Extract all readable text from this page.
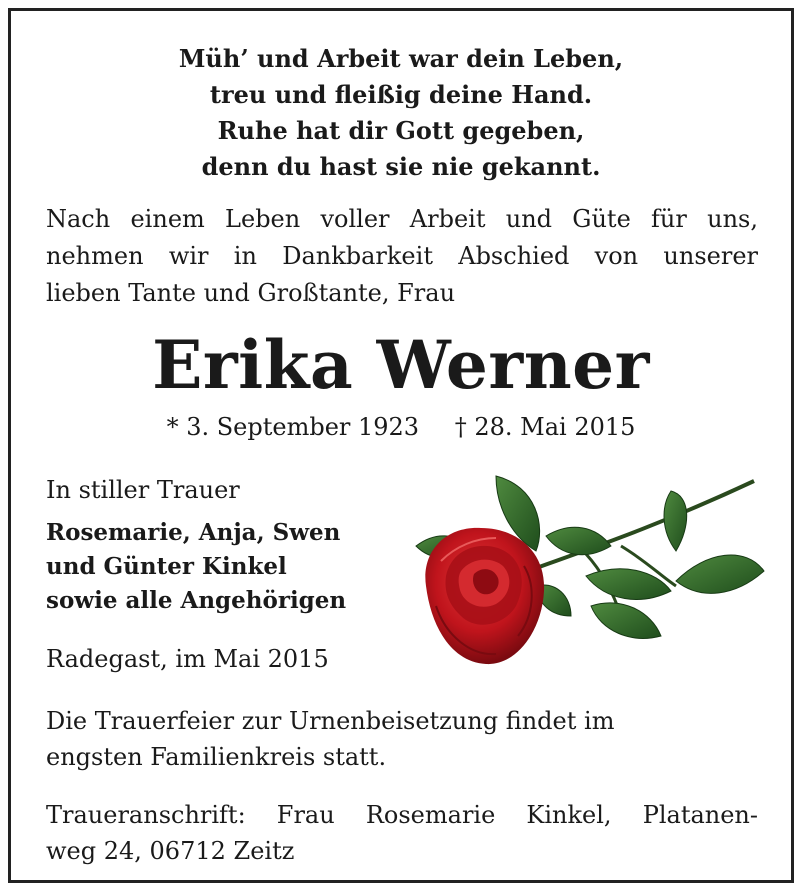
Müh’ und Arbeit war dein Leben,
treu und fleißig deine Hand.
Ruhe hat dir Gott gegeben,
denn du hast sie nie gekannt.
Nach einem Leben voller Arbeit und Güte für uns,
nehmen wir in Dankbarkeit Abschied von unserer
lieben Tante und Großtante, Frau
Erika Werner
* 3. September 1923 † 28. Mai 2015
In stiller Trauer
Rosemarie, Anja, Swen
und Günter Kinkel
sowie alle Angehörigen
Radegast, im Mai 2015
Die Trauerfeier zur Urnenbeisetzung findet im
engsten Familienkreis statt.
Traueranschrift: Frau Rosemarie Kinkel, Platanen-
weg 24, 06712 Zeitz
